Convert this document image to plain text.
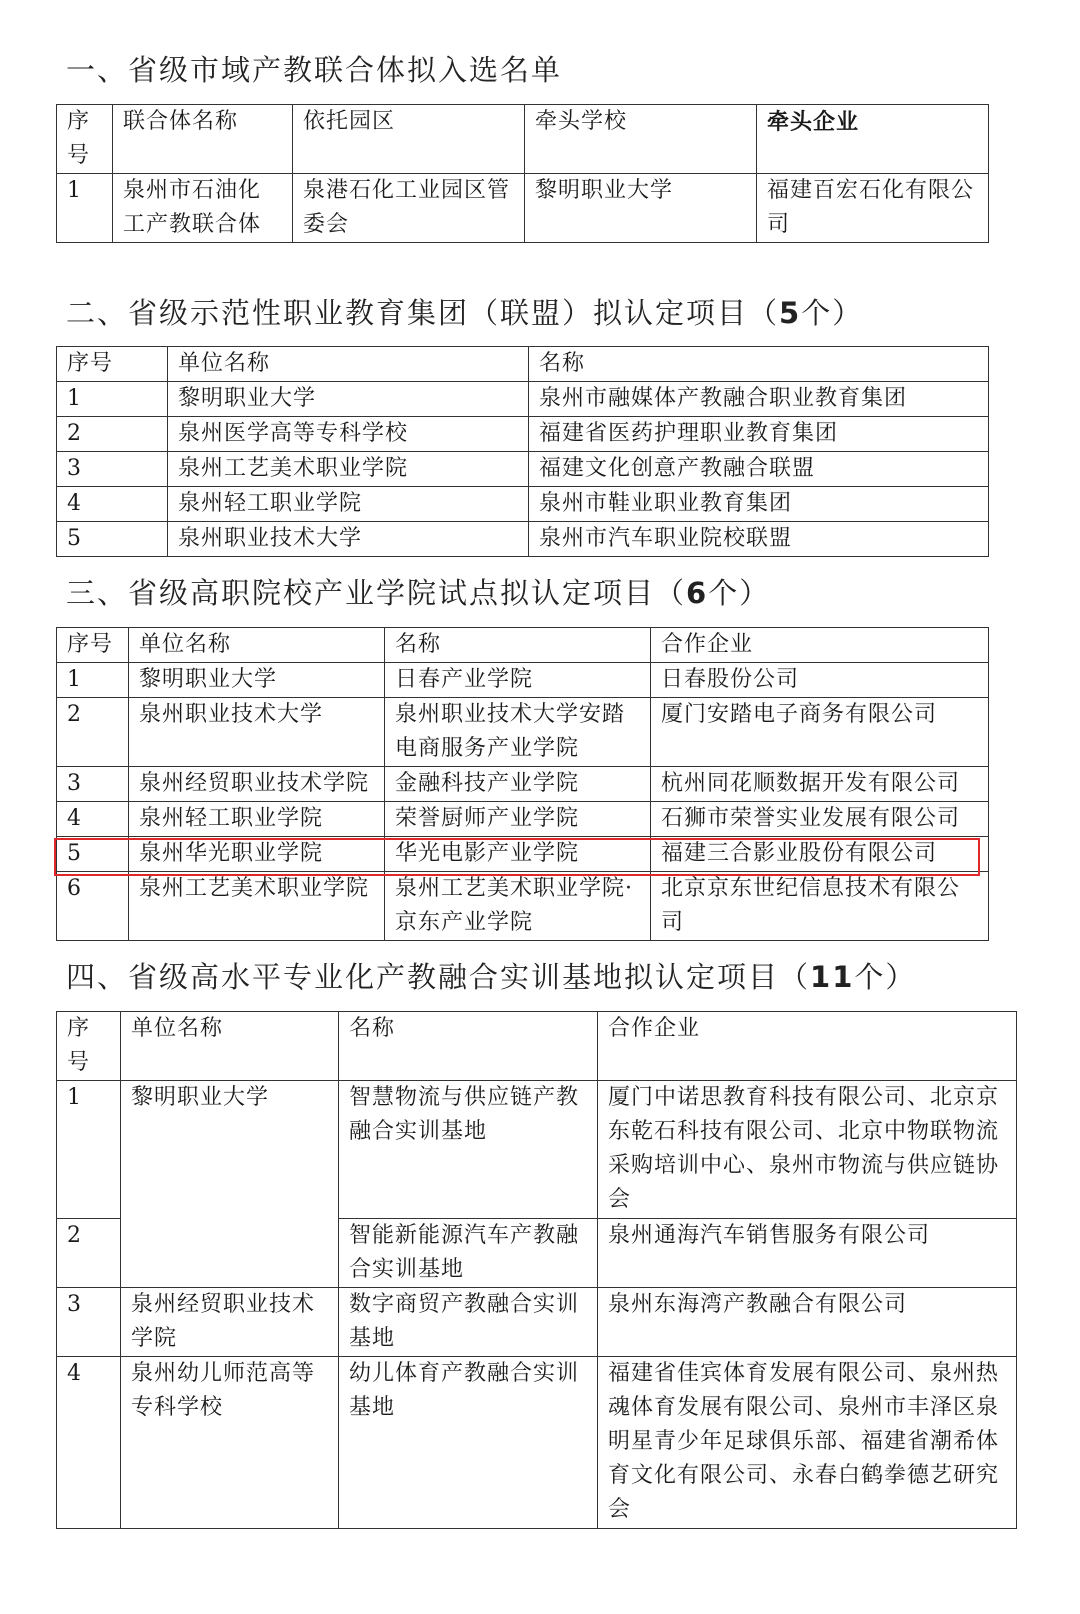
一、省级市域产教联合体拟入选名单
序号	联合体名称	依托园区	牵头学校	牵头企业
1	泉州市石油化工产教联合体	泉港石化工业园区管委会	黎明职业大学	福建百宏石化有限公司
二、省级示范性职业教育集团（联盟）拟认定项目（5个）
序号	单位名称	名称
1	黎明职业大学	泉州市融媒体产教融合职业教育集团
2	泉州医学高等专科学校	福建省医药护理职业教育集团
3	泉州工艺美术职业学院	福建文化创意产教融合联盟
4	泉州轻工职业学院	泉州市鞋业职业教育集团
5	泉州职业技术大学	泉州市汽车职业院校联盟
三、省级高职院校产业学院试点拟认定项目（6个）
序号	单位名称	名称	合作企业
1	黎明职业大学	日春产业学院	日春股份公司
2	泉州职业技术大学	泉州职业技术大学安踏电商服务产业学院	厦门安踏电子商务有限公司
3	泉州经贸职业技术学院	金融科技产业学院	杭州同花顺数据开发有限公司
4	泉州轻工职业学院	荣誉厨师产业学院	石狮市荣誉实业发展有限公司
5	泉州华光职业学院	华光电影产业学院	福建三合影业股份有限公司
6	泉州工艺美术职业学院	泉州工艺美术职业学院·京东产业学院	北京京东世纪信息技术有限公司
四、省级高水平专业化产教融合实训基地拟认定项目（11个）
序号	单位名称	名称	合作企业
1	黎明职业大学	智慧物流与供应链产教融合实训基地	厦门中诺思教育科技有限公司、北京京东乾石科技有限公司、北京中物联物流采购培训中心、泉州市物流与供应链协会
2		智能新能源汽车产教融合实训基地	泉州通海汽车销售服务有限公司
3	泉州经贸职业技术学院	数字商贸产教融合实训基地	泉州东海湾产教融合有限公司
4	泉州幼儿师范高等专科学校	幼儿体育产教融合实训基地	福建省佳宾体育发展有限公司、泉州热魂体育发展有限公司、泉州市丰泽区泉明星青少年足球俱乐部、福建省潮希体育文化有限公司、永春白鹤拳德艺研究会
